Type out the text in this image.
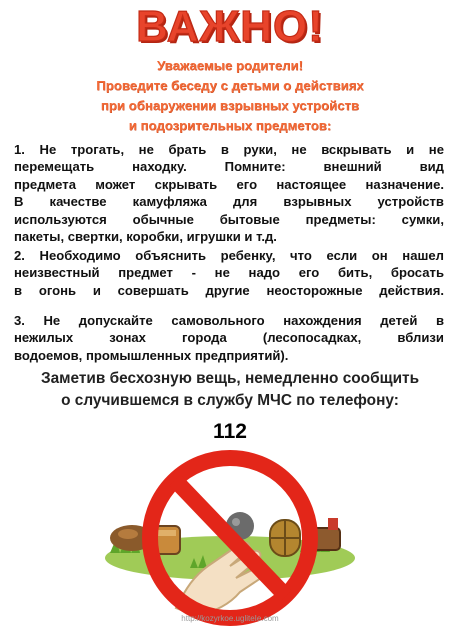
ВАЖНО!
Уважаемые родители!
Проведите беседу с детьми о действиях
при обнаружении взрывных устройств
и подозрительных предметов:
1. Не трогать, не брать в руки, не вскрывать и не
перемещать находку. Помните: внешний вид
предмета может скрывать его настоящее назначение.
В качестве камуфляжа для взрывных устройств
используются обычные бытовые предметы: сумки,
пакеты, свертки, коробки, игрушки и т.д.
2. Необходимо объяснить ребенку, что если он нашел
неизвестный предмет - не надо его бить, бросать
в огонь и совершать другие неосторожные действия.
3. Не допускайте самовольного нахождения детей в
нежилых зонах города (лесопосадках, вблизи
водоемов, промышленных предприятий).
Заметив бесхозную вещь, немедленно сообщить
о случившемся в службу МЧС по телефону:
112
http://kozyrkoe.ugliteIe.com
